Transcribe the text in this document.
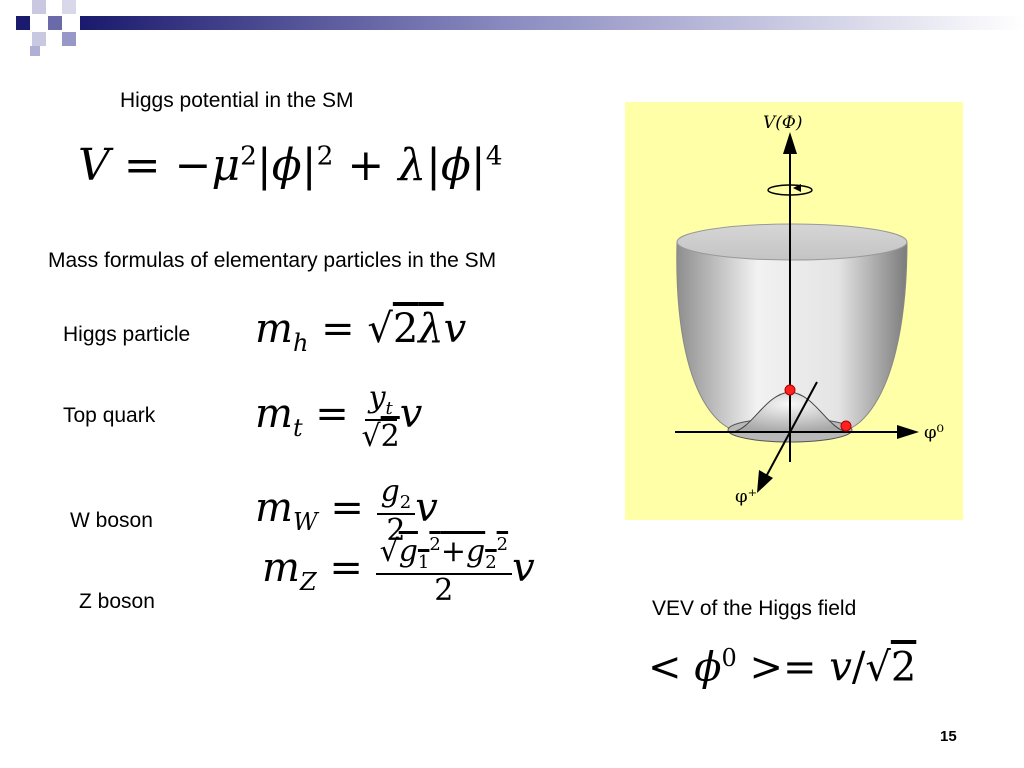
Higgs potential in the SM
$V = -\mu^2|\phi|^2 + \lambda|\phi|^4$
Mass formulas of elementary particles in the SM
Higgs particle $m_h = √2\lambda v$
Top quark $m_t = \frac{y_t}{√2}$ v
W boson	$m_W = \frac{g_2}{2}$ v
Z boson
$m_Z = \frac{√g_1^2+g_2^2}{2}$ v
V(Φ)
φ⁰
φ⁺
VEV of the Higgs field
< $\phi^0 >= v/√2$
15
